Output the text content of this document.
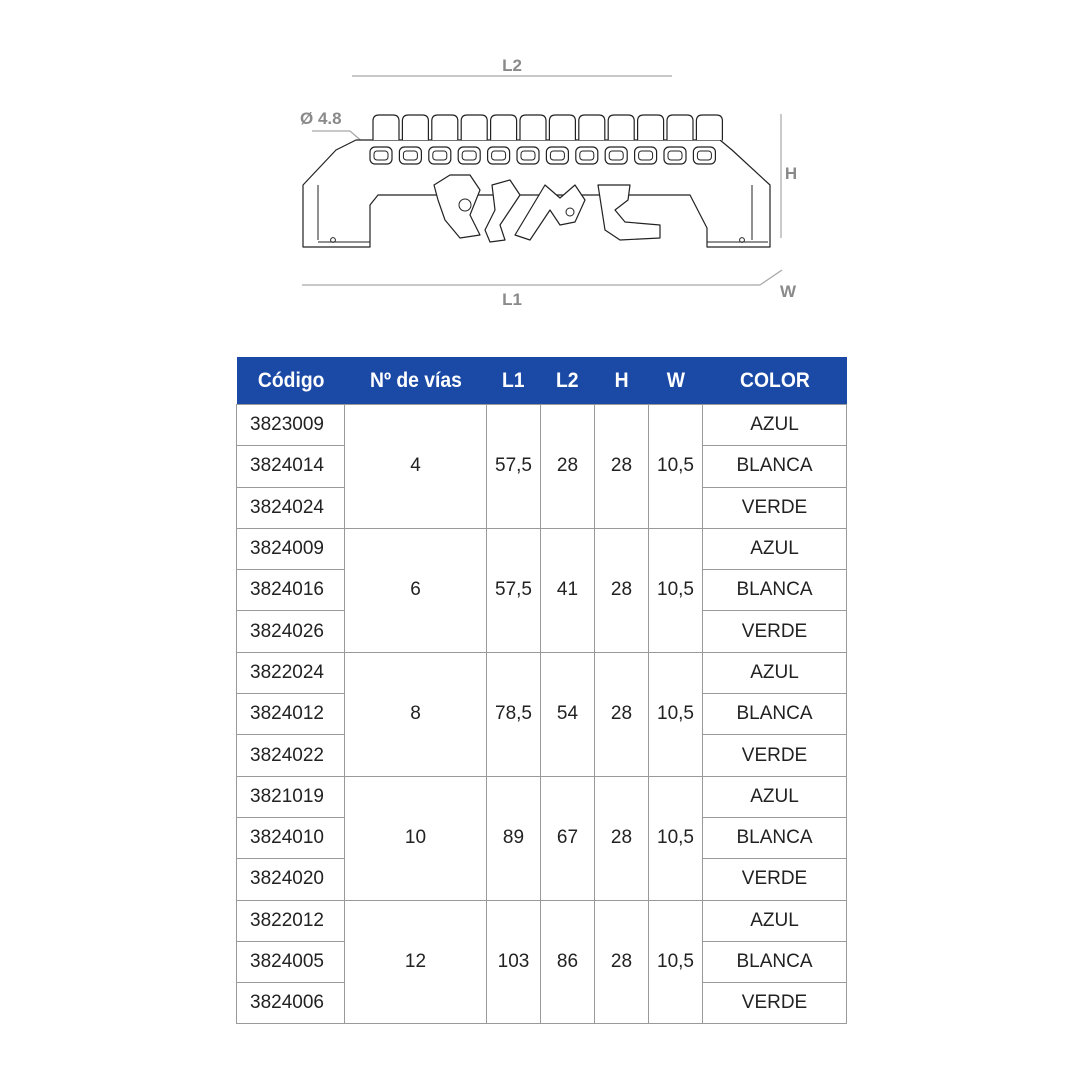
L2
L1
H
W
Ø 4.8
Código	Nº de vías	L1	L2	H	W	COLOR
3823009	4	57,5	28	28	10,5	AZUL
3824014						BLANCA
3824024						VERDE
3824009	6	57,5	41	28	10,5	AZUL
3824016						BLANCA
3824026						VERDE
3822024	8	78,5	54	28	10,5	AZUL
3824012						BLANCA
3824022						VERDE
3821019	10	89	67	28	10,5	AZUL
3824010						BLANCA
3824020						VERDE
3822012	12	103	86	28	10,5	AZUL
3824005						BLANCA
3824006						VERDE
